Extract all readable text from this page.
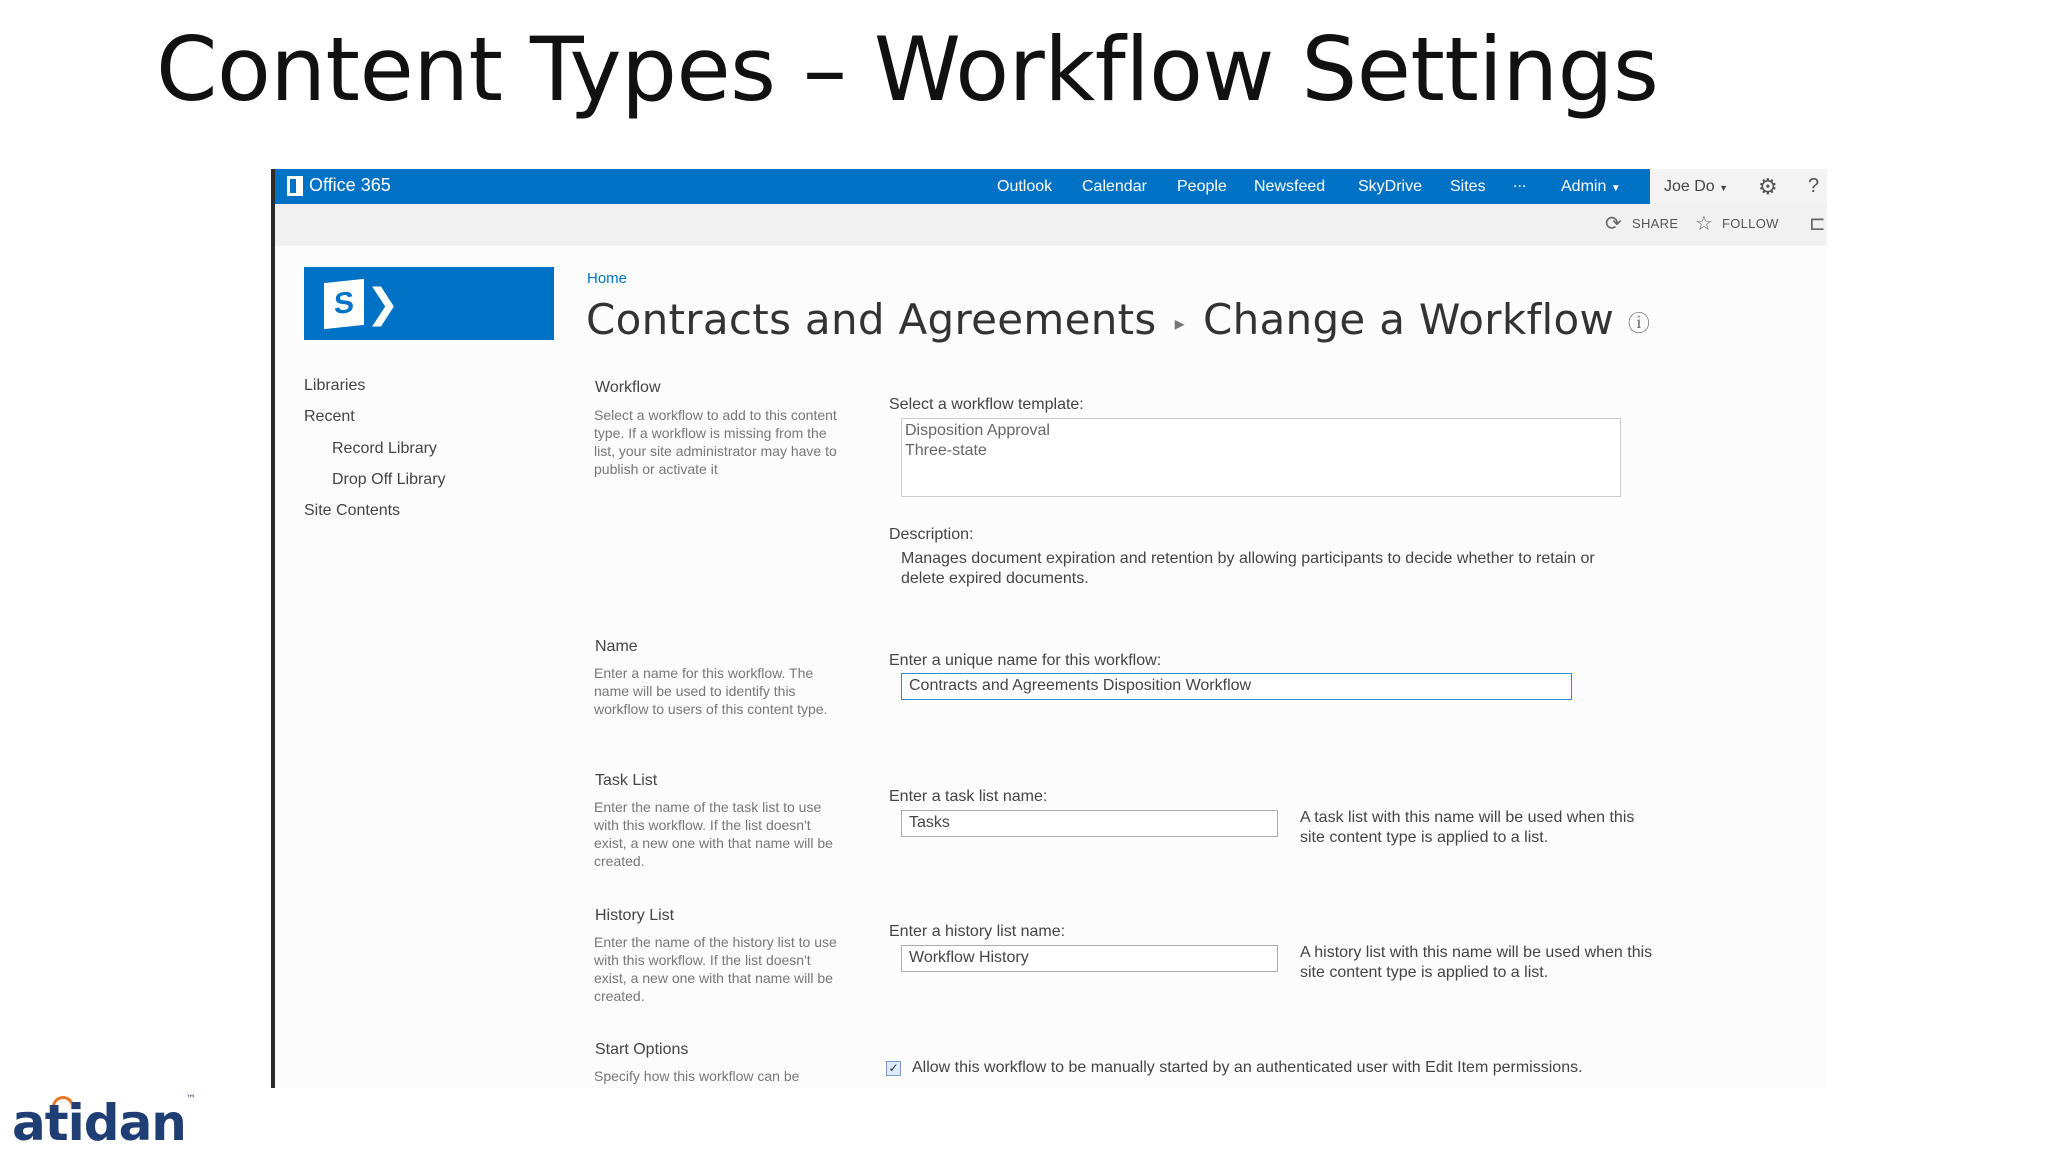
Content Types – Workflow Settings
Office 365	Outlook Calendar People Newsfeed SkyDrive Sites ... Admin ▼	Joe Do ▼ ⚙ ?
⟳ SHARE ☆ FOLLOW ⊏
S ❯
Libraries
Recent
Record Library
Drop Off Library
Site Contents
Home
Contracts and Agreements ▸ Change a Workflow ⓘ
Workflow
Select a workflow to add to this content type. If a workflow is missing from the list, your site administrator may have to publish or activate it
Select a workflow template:
Disposition Approval
Three-state
Description:
Manages document expiration and retention by allowing participants to decide whether to retain or delete expired documents.
Name
Enter a name for this workflow. The name will be used to identify this workflow to users of this content type.
Enter a unique name for this workflow:
Contracts and Agreements Disposition Workflow
Task List
Enter the name of the task list to use with this workflow. If the list doesn't exist, a new one with that name will be created.
Enter a task list name:
Tasks	A task list with this name will be used when this site content type is applied to a list.
History List
Enter the name of the history list to use with this workflow. If the list doesn't exist, a new one with that name will be created.
Enter a history list name:
Workflow History	A history list with this name will be used when this site content type is applied to a list.
Start Options
Specify how this workflow can be	✓ Allow this workflow to be manually started by an authenticated user with Edit Item permissions.
atidan™
